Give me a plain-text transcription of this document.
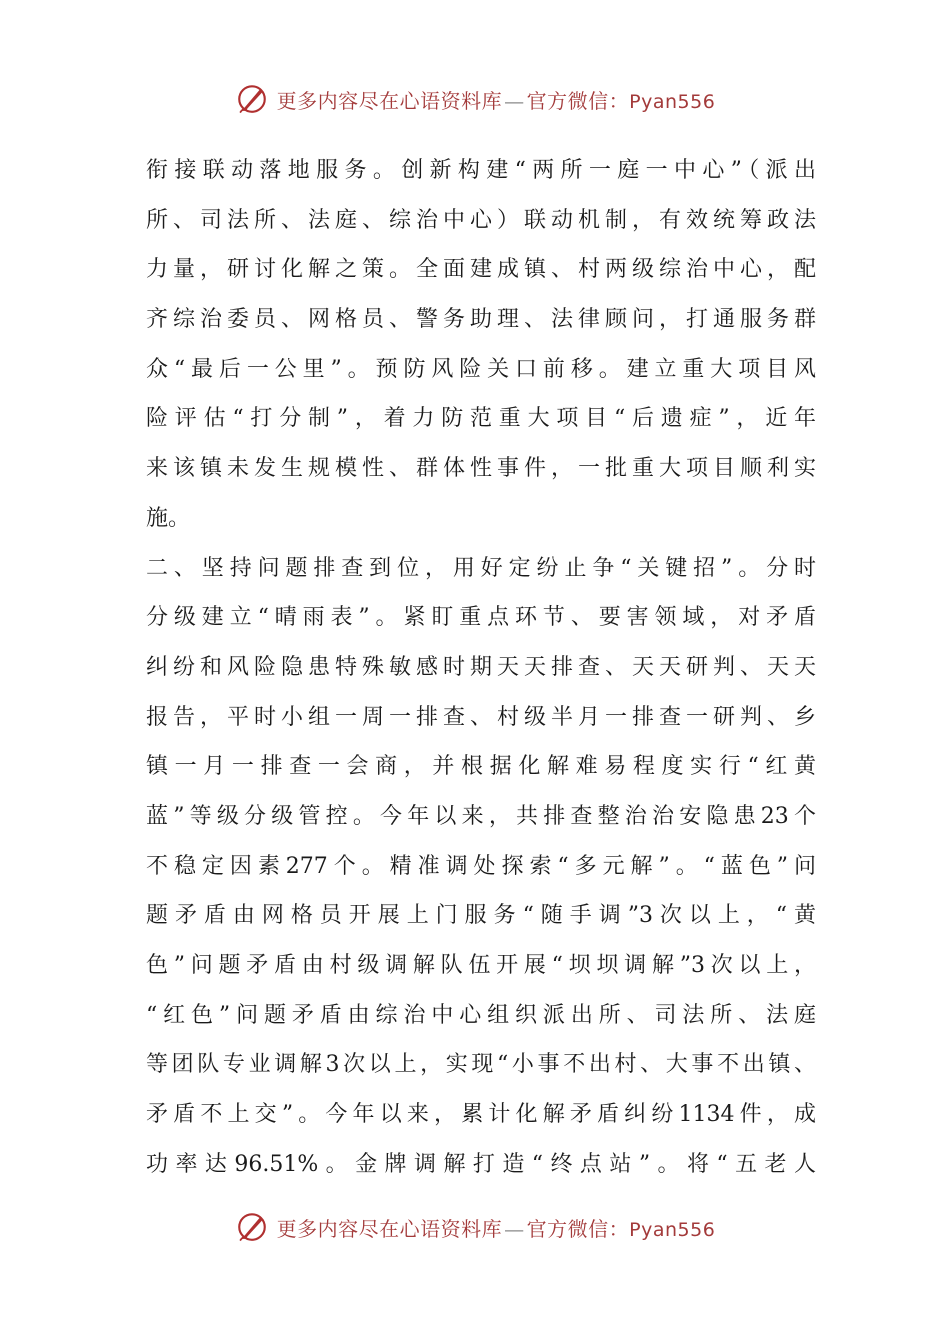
更多内容尽在心语资料库 — 官方微信：Pyan556
衔接联动落地服务。创新构建“两所一庭一中心”（派出
所、司法所、法庭、综治中心）联动机制，有效统筹政法
力量，研讨化解之策。全面建成镇、村两级综治中心，配
齐综治委员、网格员、警务助理、法律顾问，打通服务群
众“最后一公里”。预防风险关口前移。建立重大项目风
险评估“打分制”，着力防范重大项目“后遗症”，近年
来该镇未发生规模性、群体性事件，一批重大项目顺利实
施。
二、坚持问题排查到位，用好定纷止争“关键招”。分时
分级建立“晴雨表”。紧盯重点环节、要害领域，对矛盾
纠纷和风险隐患特殊敏感时期天天排查、天天研判、天天
报告，平时小组一周一排查、村级半月一排查一研判、乡
镇一月一排查一会商，并根据化解难易程度实行“红黄
蓝”等级分级管控。今年以来，共排查整治治安隐患23个
不稳定因素277个。精准调处探索“多元解”。“蓝色”问
题矛盾由网格员开展上门服务“随手调”3次以上，“黄
色”问题矛盾由村级调解队伍开展“坝坝调解”3次以上，
“红色”问题矛盾由综治中心组织派出所、司法所、法庭
等团队专业调解3次以上，实现“小事不出村、大事不出镇、
矛盾不上交”。今年以来，累计化解矛盾纠纷1134件，成
功率达96.51%。金牌调解打造“终点站”。将“五老人
更多内容尽在心语资料库 — 官方微信：Pyan556
